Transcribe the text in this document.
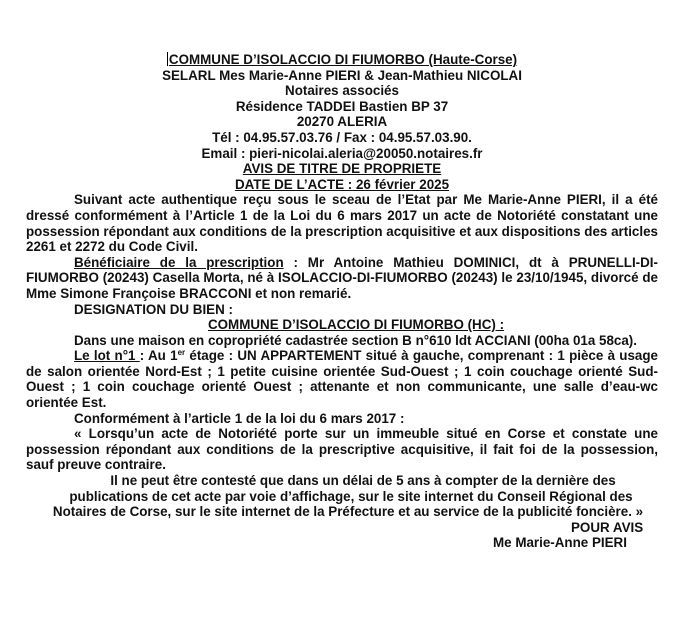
COMMUNE D’ISOLACCIO DI FIUMORBO (Haute-Corse)
SELARL Mes Marie-Anne PIERI & Jean-Mathieu NICOLAI
Notaires associés
Résidence TADDEI Bastien BP 37
20270 ALERIA
Tél : 04.95.57.03.76 / Fax : 04.95.57.03.90.
Email : pieri-nicolai.aleria@20050.notaires.fr
AVIS DE TITRE DE PROPRIETE
DATE DE L’ACTE : 26 février 2025

Suivant acte authentique reçu sous le sceau de l’Etat par Me Marie-Anne PIERI, il a été dressé conformément à l’Article 1 de la Loi du 6 mars 2017 un acte de Notoriété constatant une possession répondant aux conditions de la prescription acquisitive et aux dispositions des articles 2261 et 2272 du Code Civil.

Bénéficiaire de la prescription : Mr Antoine Mathieu DOMINICI, dt à PRUNELLI-DI-FIUMORBO (20243) Casella Morta, né à ISOLACCIO-DI-FIUMORBO (20243) le 23/10/1945, divorcé de Mme Simone Françoise BRACCONI et non remarié.

DESIGNATION DU BIEN :
COMMUNE D’ISOLACCIO DI FIUMORBO (HC) :
Dans une maison en copropriété cadastrée section B n°610 ldt ACCIANI (00ha 01a 58ca).

Le lot n°1 : Au 1er étage : UN APPARTEMENT situé à gauche, comprenant : 1 pièce à usage de salon orientée Nord-Est ; 1 petite cuisine orientée Sud-Ouest ; 1 coin couchage orienté Sud-Ouest ; 1 coin couchage orienté Ouest ; attenante et non communicante, une salle d’eau-wc orientée Est.

Conformément à l’article 1 de la loi du 6 mars 2017 :

« Lorsqu’un acte de Notoriété porte sur un immeuble situé en Corse et constate une possession répondant aux conditions de la prescriptive acquisitive, il fait foi de la possession, sauf preuve contraire.

Il ne peut être contesté que dans un délai de 5 ans à compter de la dernière des
publications de cet acte par voie d’affichage, sur le site internet du Conseil Régional des
Notaires de Corse, sur le site internet de la Préfecture et au service de la publicité foncière. »
POUR AVIS
Me Marie-Anne PIERI
